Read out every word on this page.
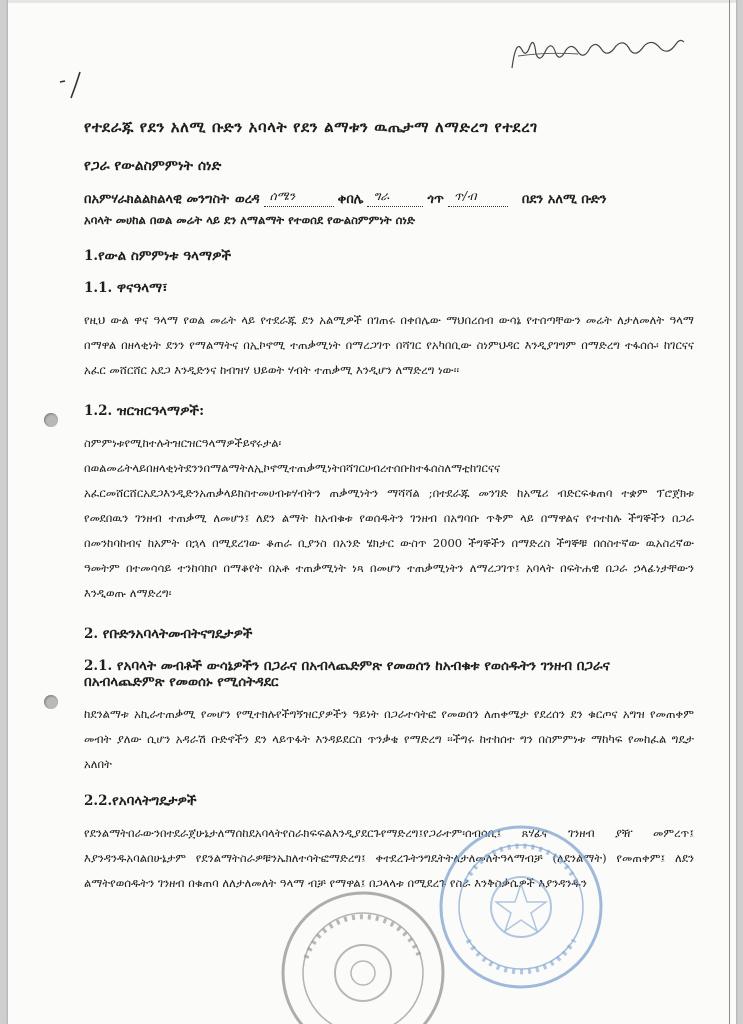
የተደራጁ የደን አለሚ ቡድን አባላት የደን ልማቱን ዉጤታማ ለማድረግ የተደረገ
የጋራ የውልስምምነት ሰነድ
በአምሃራክልልክልላዊ መንግስት ወረዳ ሰሜን	ቀበሌ ግራ	ጎጥ ጥ/ብ	በደን አለሚ ቡድን
አባላት መሀከል በወል መሬት ላይ ደን ለማልማት የተወሰደ የውልስምምነት ሰነድ
1.የውል ስምምነቱ ዓላማዎች
1.1. ዋናዓላማ፣
የዚህ ውል ዋና ዓላማ የወል መሬት ላይ የተደራጁ ደን አልሚዎች በገጠሩ በቀበሌው ማህበረሰብ ውሳኔ የተሰጣቸውን መሬት ለታለመለት ዓላማ በማዋል በዘላቂነት ደንን የማልማትና በኢኮኖሚ ተጠቃሚነት በማረጋገጥ በሻገር የአካበቢው ስነምህዳር እንዲያገግም በማድረግ ተፋሰሱ፡ ከገርናና አፈር መሸርሸር አደጋ እንዲድንና ከብዝሃ ህይወት ሃብት ተጠቃሚ እንዲሆን ለማድረግ ነው፡፡
1.2. ዝርዝርዓላማዎች:
ስምምነቱየሚከተሉትዝርዝርዓላማዎችይኖሩታል፡ በወልመሬትላይበዘላቂነትደንንበማልማትለኢኮኖሚተጠቃሚነትበሻገርሀብረተሰቡከተፋሰስለማቲከገርናና አፈርመሸርሸርአደጋእንዲድንአጠቃላይክስተመሀብቱሃብትን ጠቃሚነትን ማሻሻል ;በተደራጁ መንገድ ከአሜሪ ብድርፍቁጠባ ተቋም ፕሮጀክቱ የመደበዉን ገንዘብ ተጠቃሚ ለመሆን፤ ለደን ልማት ከአብቁቱ የወሰዱትን ገንዘብ በአግባቡ ጥቅም ላይ በማዋልና የተተከሉ ችግኞችን በጋራ በመንከባከብና ከአምት በኋላ በሚደረገው ቆጠራ ቢያንስ በአንድ ሄክታር ውስጥ 2000 ችግኞችን በማድረስ ችግኞቹ በሰስተኛው ዉአስረኛው ዓመትም በተመሳሳይ ተንከባክቦ በማቆየት በአቶ ተጠቃሚነት ነጻ በመሆን ተጠቃሚነትን ለማረጋገጥ፤ አባላት በፍትሐዊ በጋራ ኃላፊነታቸውን እንዲወጡ ለማድረግ፡
2. የቡድንአባላትመብትናግዴታዎች
2.1. የአባላት መብቶች ውሳኔዎችን በጋራና በአብላጨድምጽ የመወሰን ከአብቁቱ የወሰዱትን ገንዘብ በጋራና በአብላጨድምጽ የመወሰኑ የሚሰትዳደር
ከደንልማቱ አኪራተጠቃሚ የመሆን የሚተክሉየችግኝዝርያዎችን ዓይነት በጋራተሳትፎ የመወሰን ለጠቀሜታ የደረሰን ደን ቁርጦና አግዝ የመጠቀም መብት ያለው ሲሆን አዳራሽ ቡድኖችን ደን ላይጥፋት እንዳይደርስ ጥንቃቄ የማድረግ ፡፡ችግሩ ከተከሰተ ግን በስምምነቱ ማከካፍ የመከፈል ግዴታ አለበት
2.2.የአባላትግዴታዎች
የደንልማትበራውንበተደራጀሁኔታለማሰከደአባላትየስራክፍፍልእንዲያደርጉየማድረግ፤የጋራተም፡ሰብሳቢ፤ ጸሃፊና ገንዘብ ያዥ መምረጥ፤ እያንዳንዱአባልበሁኔታም የደንልማትስራዎቹንኤክለተሳትፎማድረግ፤ ቀተደረጉትንግዴትትለታለመለትዓላማብቻ (ለደንልማት) የመጠቀም፤ ለደን ልማትየወሰዱትን ገንዘብ በቁጠባ ለለታለመለት ዓላማ ብቻ የማዋል፤ በጋላላቱ በሚደረጉ የስራ እንቅስቃሴዎች እያንዳንዱን
